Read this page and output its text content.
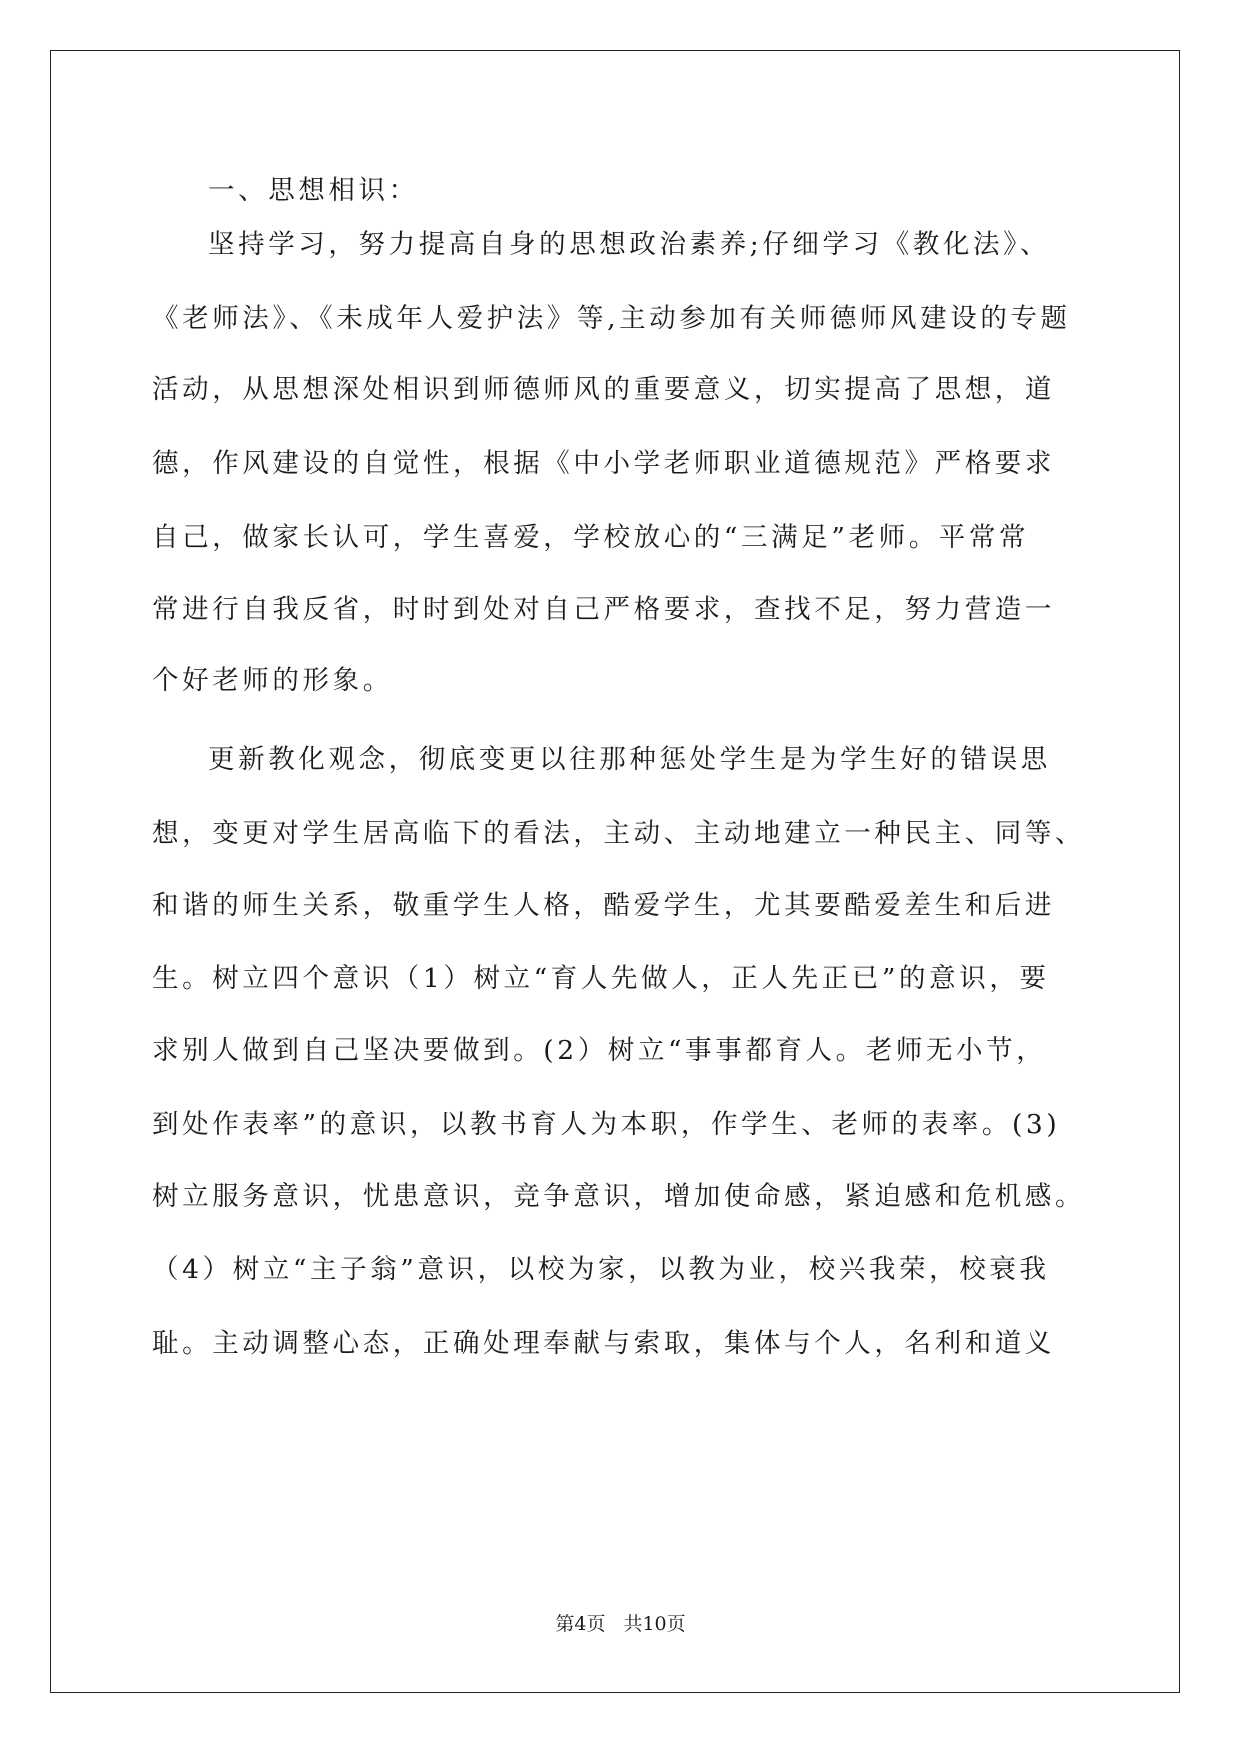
一、思想相识：
坚持学习，努力提高自身的思想政治素养;仔细学习《教化法》、
《老师法》、《未成年人爱护法》等,主动参加有关师德师风建设的专题
活动，从思想深处相识到师德师风的重要意义，切实提高了思想，道
德，作风建设的自觉性，根据《中小学老师职业道德规范》严格要求
自己，做家长认可，学生喜爱，学校放心的“三满足”老师。平常常
常进行自我反省，时时到处对自己严格要求，查找不足，努力营造一
个好老师的形象。
更新教化观念，彻底变更以往那种惩处学生是为学生好的错误思
想，变更对学生居高临下的看法，主动、主动地建立一种民主、同等、
和谐的师生关系，敬重学生人格，酷爱学生，尤其要酷爱差生和后进
生。树立四个意识（1）树立“育人先做人，正人先正已”的意识，要
求别人做到自己坚决要做到。(2）树立“事事都育人。老师无小节，
到处作表率”的意识，以教书育人为本职，作学生、老师的表率。(3)
树立服务意识，忧患意识，竞争意识，增加使命感，紧迫感和危机感。
（4）树立“主子翁”意识，以校为家，以教为业，校兴我荣，校衰我
耻。主动调整心态，正确处理奉献与索取，集体与个人，名利和道义
第4页 共10页
